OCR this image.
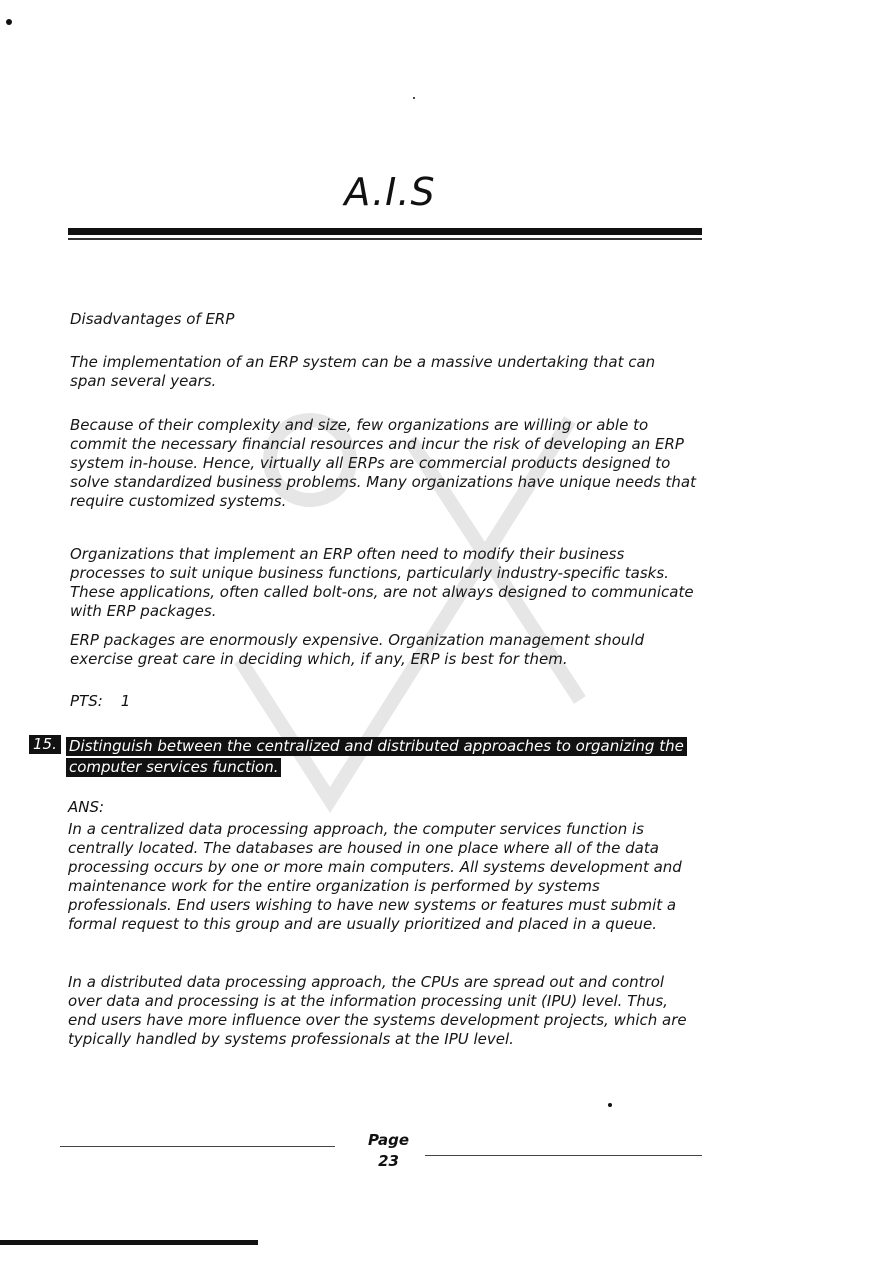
A.I.S
Disadvantages of ERP
The implementation of an ERP system can be a massive undertaking that can span several years.
Because of their complexity and size, few organizations are willing or able to commit the necessary financial resources and incur the risk of developing an ERP system in-house. Hence, virtually all ERPs are commercial products designed to solve standardized business problems. Many organizations have unique needs that require customized systems.
Organizations that implement an ERP often need to modify their business processes to suit unique business functions, particularly industry-specific tasks. These applications, often called bolt-ons, are not always designed to communicate with ERP packages.
ERP packages are enormously expensive. Organization management should exercise great care in deciding which, if any, ERP is best for them.
PTS: 1
15. Distinguish between the centralized and distributed approaches to organizing the
computer services function.
ANS:
In a centralized data processing approach, the computer services function is centrally located. The databases are housed in one place where all of the data processing occurs by one or more main computers. All systems development and maintenance work for the entire organization is performed by systems professionals. End users wishing to have new systems or features must submit a formal request to this group and are usually prioritized and placed in a queue.
In a distributed data processing approach, the CPUs are spread out and control over data and processing is at the information processing unit (IPU) level. Thus, end users have more influence over the systems development projects, which are typically handled by systems professionals at the IPU level.
Page
23
